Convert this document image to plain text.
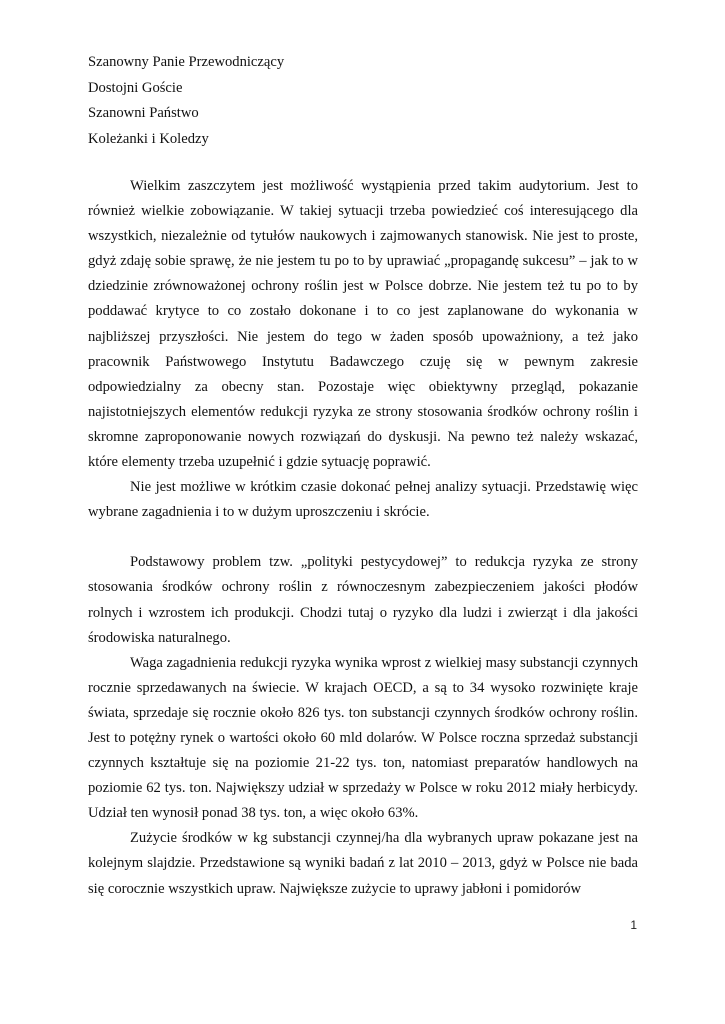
Szanowny Panie Przewodniczący
Dostojni Goście
Szanowni Państwo
Koleżanki i Koledzy

Wielkim zaszczytem jest możliwość wystąpienia przed takim audytorium. Jest to również wielkie zobowiązanie. W takiej sytuacji trzeba powiedzieć coś interesującego dla wszystkich, niezależnie od tytułów naukowych i zajmowanych stanowisk. Nie jest to proste, gdyż zdaję sobie sprawę, że nie jestem tu po to by uprawiać „propagandę sukcesu” – jak to w dziedzinie zrównoważonej ochrony roślin jest w Polsce dobrze. Nie jestem też tu po to by poddawać krytyce to co zostało dokonane i to co jest zaplanowane do wykonania w najbliższej przyszłości. Nie jestem do tego w żaden sposób upoważniony, a też jako pracownik Państwowego Instytutu Badawczego czuję się w pewnym zakresie odpowiedzialny za obecny stan. Pozostaje więc obiektywny przegląd, pokazanie najistotniejszych elementów redukcji ryzyka ze strony stosowania środków ochrony roślin i skromne zaproponowanie nowych rozwiązań do dyskusji. Na pewno też należy wskazać, które elementy trzeba uzupełnić i gdzie sytuację poprawić.

Nie jest możliwe w krótkim czasie dokonać pełnej analizy sytuacji. Przedstawię więc wybrane zagadnienia i to w dużym uproszczeniu i skrócie.

Podstawowy problem tzw. „polityki pestycydowej” to redukcja ryzyka ze strony stosowania środków ochrony roślin z równoczesnym zabezpieczeniem jakości płodów rolnych i wzrostem ich produkcji. Chodzi tutaj o ryzyko dla ludzi i zwierząt i dla jakości środowiska naturalnego.

Waga zagadnienia redukcji ryzyka wynika wprost z wielkiej masy substancji czynnych rocznie sprzedawanych na świecie. W krajach OECD, a są to 34 wysoko rozwinięte kraje świata, sprzedaje się rocznie około 826 tys. ton substancji czynnych środków ochrony roślin. Jest to potężny rynek o wartości około 60 mld dolarów. W Polsce roczna sprzedaż substancji czynnych kształtuje się na poziomie 21-22 tys. ton, natomiast preparatów handlowych na poziomie 62 tys. ton. Największy udział w sprzedaży w Polsce w roku 2012 miały herbicydy. Udział ten wynosił ponad 38 tys. ton, a więc około 63%.

Zużycie środków w kg substancji czynnej/ha dla wybranych upraw pokazane jest na kolejnym slajdzie. Przedstawione są wyniki badań z lat 2010 – 2013, gdyż w Polsce nie bada się corocznie wszystkich upraw. Największe zużycie to uprawy jabłoni i pomidorów

1
